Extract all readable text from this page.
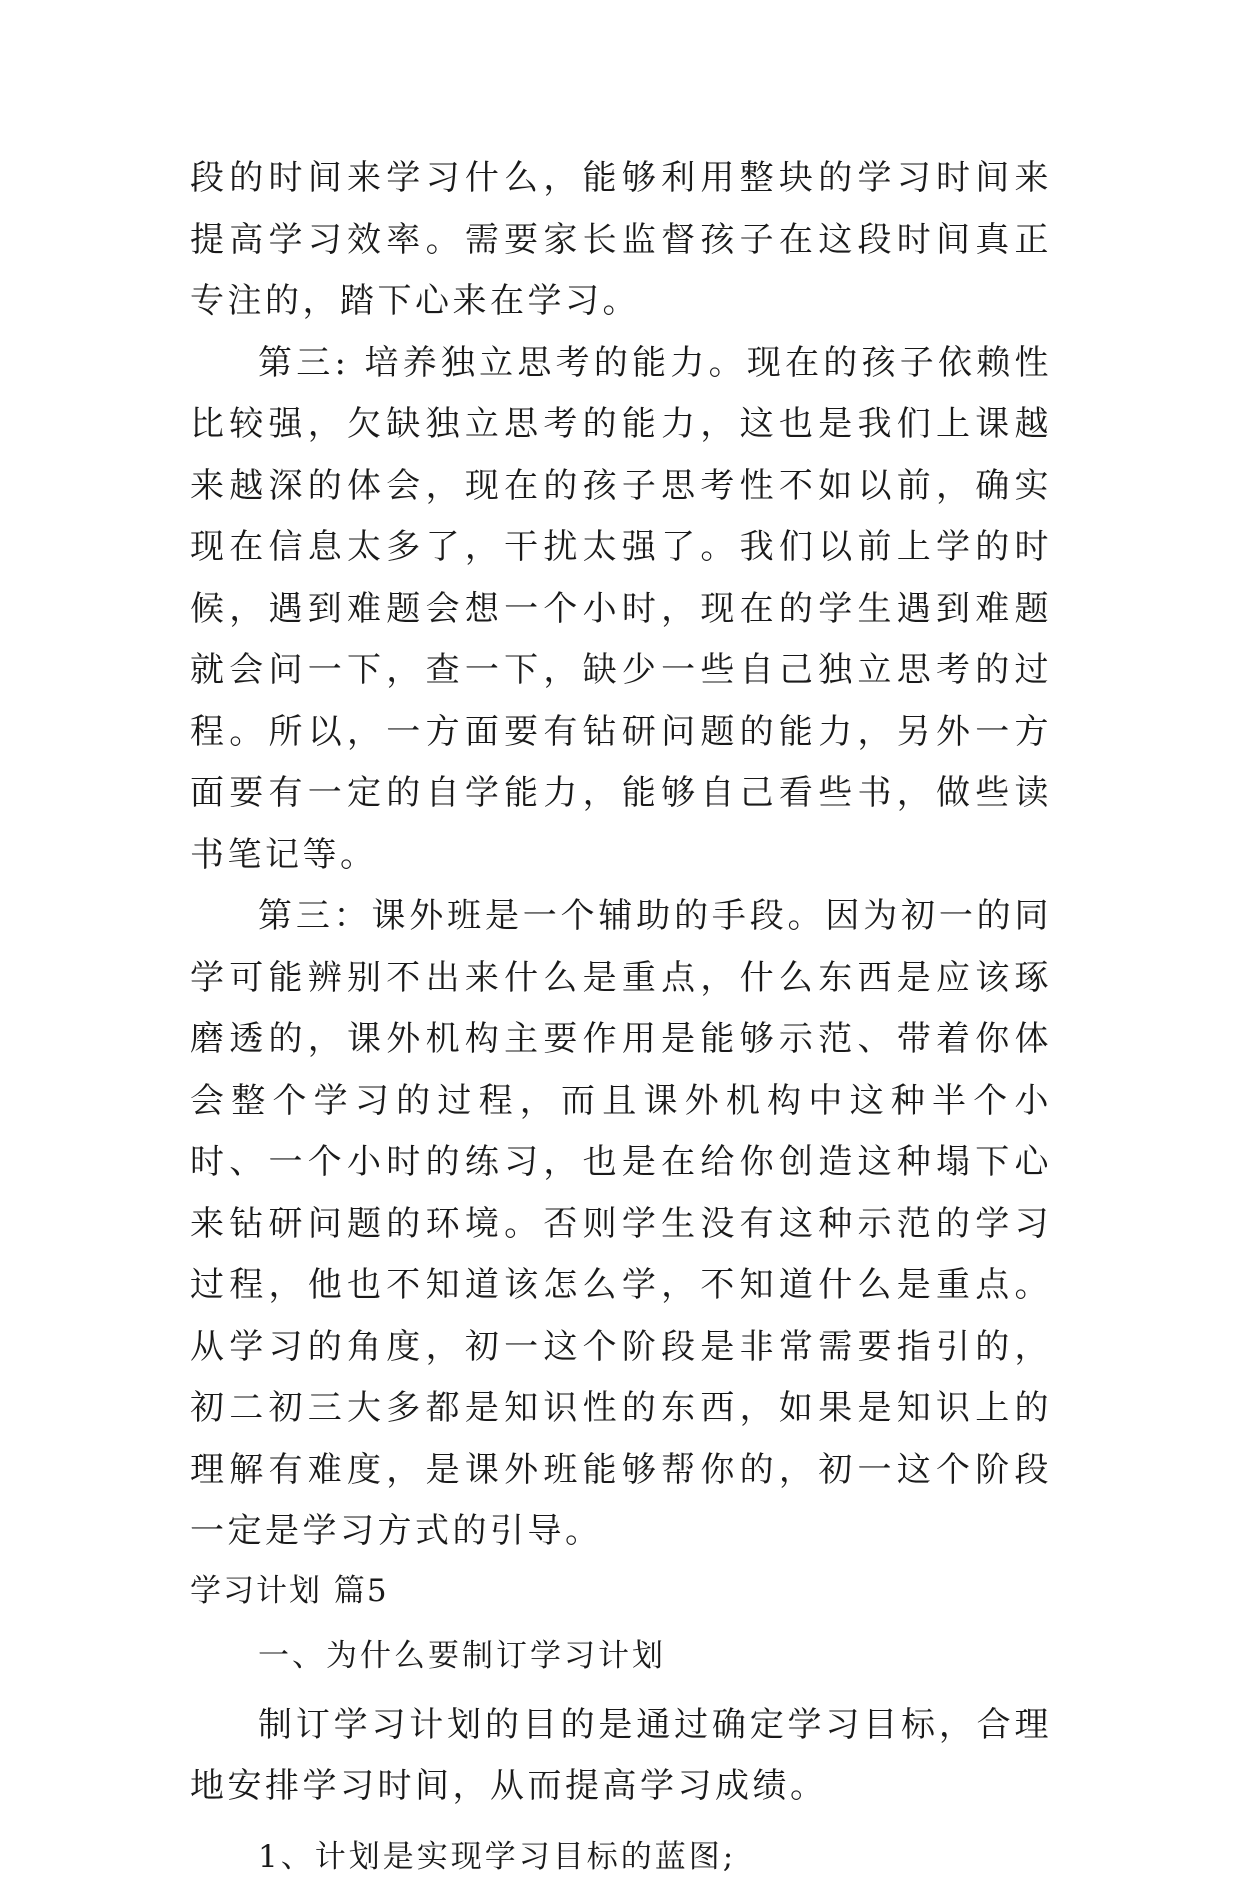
段的时间来学习什么，能够利用整块的学习时间来提高学习效率。需要家长监督孩子在这段时间真正专注的，踏下心来在学习。

第三: 培养独立思考的能力。现在的孩子依赖性比较强，欠缺独立思考的能力，这也是我们上课越来越深的体会，现在的孩子思考性不如以前，确实现在信息太多了，干扰太强了。我们以前上学的时候，遇到难题会想一个小时，现在的学生遇到难题就会问一下，查一下，缺少一些自己独立思考的过程。所以，一方面要有钻研问题的能力，另外一方面要有一定的自学能力，能够自己看些书，做些读书笔记等。

第三：课外班是一个辅助的手段。因为初一的同学可能辨别不出来什么是重点，什么东西是应该琢磨透的，课外机构主要作用是能够示范、带着你体会整个学习的过程，而且课外机构中这种半个小时、一个小时的练习，也是在给你创造这种塌下心来钻研问题的环境。否则学生没有这种示范的学习过程，他也不知道该怎么学，不知道什么是重点。从学习的角度，初一这个阶段是非常需要指引的，初二初三大多都是知识性的东西，如果是知识上的理解有难度，是课外班能够帮你的，初一这个阶段一定是学习方式的引导。

学习计划 篇5

一、为什么要制订学习计划

制订学习计划的目的是通过确定学习目标，合理地安排学习时间，从而提高学习成绩。

1、计划是实现学习目标的蓝图;
